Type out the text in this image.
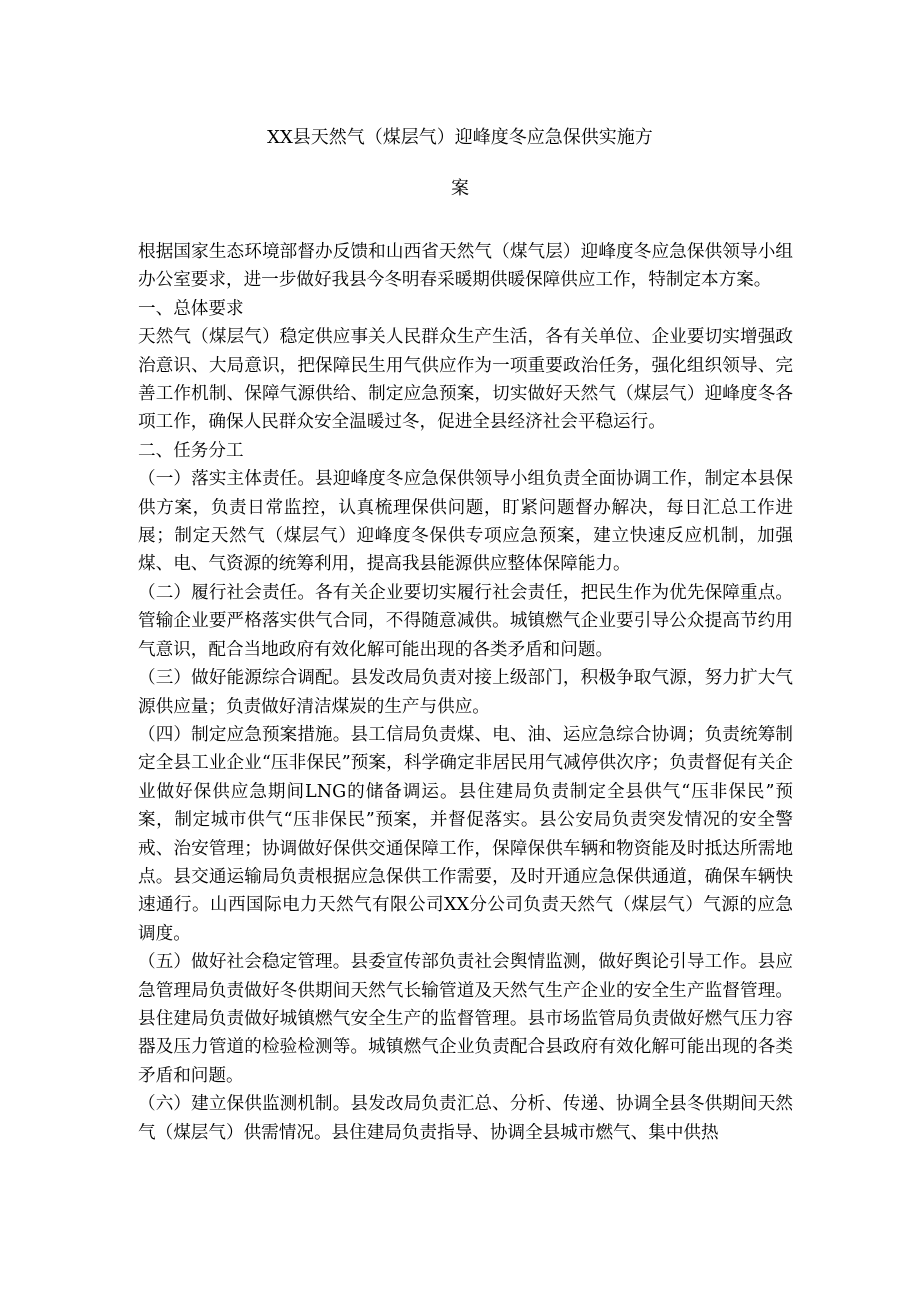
XX县天然气（煤层气）迎峰度冬应急保供实施方
案

根据国家生态环境部督办反馈和山西省天然气（煤气层）迎峰度冬应急保供领导小组办公室要求，进一步做好我县今冬明春采暖期供暖保障供应工作，特制定本方案。

一、总体要求

天然气（煤层气）稳定供应事关人民群众生产生活，各有关单位、企业要切实增强政治意识、大局意识，把保障民生用气供应作为一项重要政治任务，强化组织领导、完善工作机制、保障气源供给、制定应急预案，切实做好天然气（煤层气）迎峰度冬各项工作，确保人民群众安全温暖过冬，促进全县经济社会平稳运行。

二、任务分工

（一）落实主体责任。县迎峰度冬应急保供领导小组负责全面协调工作，制定本县保供方案，负责日常监控，认真梳理保供问题，盯紧问题督办解决，每日汇总工作进展；制定天然气（煤层气）迎峰度冬保供专项应急预案，建立快速反应机制，加强煤、电、气资源的统筹利用，提高我县能源供应整体保障能力。

（二）履行社会责任。各有关企业要切实履行社会责任，把民生作为优先保障重点。管输企业要严格落实供气合同，不得随意减供。城镇燃气企业要引导公众提高节约用气意识，配合当地政府有效化解可能出现的各类矛盾和问题。

（三）做好能源综合调配。县发改局负责对接上级部门，积极争取气源，努力扩大气源供应量；负责做好清洁煤炭的生产与供应。

（四）制定应急预案措施。县工信局负责煤、电、油、运应急综合协调；负责统筹制定全县工业企业“压非保民”预案，科学确定非居民用气减停供次序；负责督促有关企业做好保供应急期间LNG的储备调运。县住建局负责制定全县供气“压非保民”预案，制定城市供气“压非保民”预案，并督促落实。县公安局负责突发情况的安全警戒、治安管理；协调做好保供交通保障工作，保障保供车辆和物资能及时抵达所需地点。县交通运输局负责根据应急保供工作需要，及时开通应急保供通道，确保车辆快速通行。山西国际电力天然气有限公司XX分公司负责天然气（煤层气）气源的应急调度。

（五）做好社会稳定管理。县委宣传部负责社会舆情监测，做好舆论引导工作。县应急管理局负责做好冬供期间天然气长输管道及天然气生产企业的安全生产监督管理。县住建局负责做好城镇燃气安全生产的监督管理。县市场监管局负责做好燃气压力容器及压力管道的检验检测等。城镇燃气企业负责配合县政府有效化解可能出现的各类矛盾和问题。

（六）建立保供监测机制。县发改局负责汇总、分析、传递、协调全县冬供期间天然气（煤层气）供需情况。县住建局负责指导、协调全县城市燃气、集中供热
